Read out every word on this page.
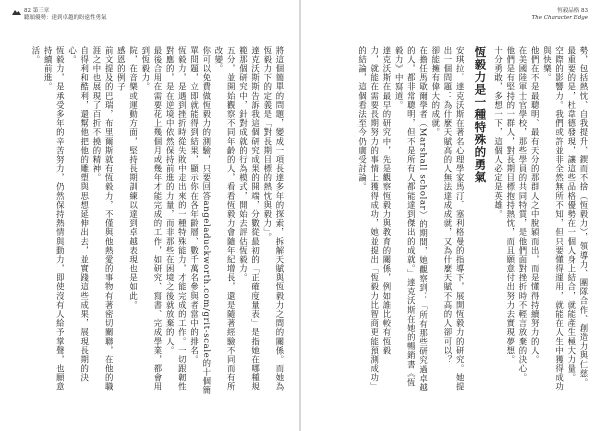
82 第三章
聽頒優勢：達到卓越的盼遠性勇氣
將這個簡單的問題，變成一項長達多年的探索，拆解天賦與恆毅力之間的關係。而她為恆毅力下的定義是「對長期目標的熱忱與毅力」。
達克沃斯斯告訴我這個研究成果的開端，分數從最初的「正確度量表」是指她在哪種規範那個研究中，針對成就的行為模式，開始去評估恆毅力。
五分，並開始觀察不同年齡的人，看看恆毅力會隨年紀增長，還是隨著經驗不同而有所改變。
你可以免費做恆毅力的測驗，只要回答angeladuckworth.com/grit-scale的十個簡單問題，立即就能得到結果，顯示你在各年齡層、數千萬名參與者當中的排名。
恆毅力，是遇到挫折時從失敗中走出來的一種特殊能力，才能完成的工作。一切跟韌性對應的，是在逆境中依然保持前進的力量，而非那些在困境之後就放棄的人。
最後合用在需要花上幾個月或幾年才能完成的工作，如研究、寫書、完成學業，都會用到恆毅力。
院，在音樂或運動方面，堅持長期訓練以達到卓越表現也是如此。
感恩的例子
前文提及的巴瑞，布里爾斯就有恆毅力，不僅與他熱愛的事物有著密切關聯，在他的職涯之中也展現了百折不撓的精神。
自得利和酷利，還幫他把他的雕塑與思想延伸出去，並實踐這些成果，展現長期的決心。
恆毅力，是承受多年的辛苦努力，仍然保持熱情與動力，即使沒有人給予掌聲，也願意持續前進。
活。
恆毅品格 83
The Character Edge
勢，包括熱忱、自我提升、鍥而不捨（恆毅力），領導力、團隊合作、創造力與仁慈。
最重要的是，杜韋德發現，讓這些品格優勢在一個人身上結合，就能產生極大力量。
空際的影響力。我們或許並非全然無所不知，但只要懂得運用，就能在人生中獲得成功與快樂。
他們在不是最聰明、最有天分的那群人之中脫穎而出，而是懂得持續努力的人。
在美國陸軍士官學校，那些學員的共同特質，是他們面對挫折時不輕言放棄的決心。
他們是有堅持的一群人，對長期目標抱持熱忱，而且願意付出努力去實現夢想。
十分勇敢，多想一下，這個人必定是英雄。
恆毅力是一種特殊的勇氣
安琪拉．達克沃斯在著名心理學家馬汀．塞利格曼的指導下，展開恆毅力的研究。她提出一個問題：為什麼天賦高的人無法達成成就，又為什麼天賦不高的人卻可以？
卻能擁有偉大的成就。
在擔任馬歇爾學者（Marshall scholar）的期間，她觀察到：「所有那些研究過卓越的人，都非常聰明，但不是所有人都能達到傑出的成就。」達克沃斯在她的暢銷書《恆毅力》中寫道。
達克沃斯在最早的研究中，先是觀察恆毅力與教育的關係，例如誰比較有恆毅
力，就能在需要長期努力的事情上獲得成功，她並提出「恆毅力比智商更能預測成功」的結論，這個看法至今仍廣受討論。
